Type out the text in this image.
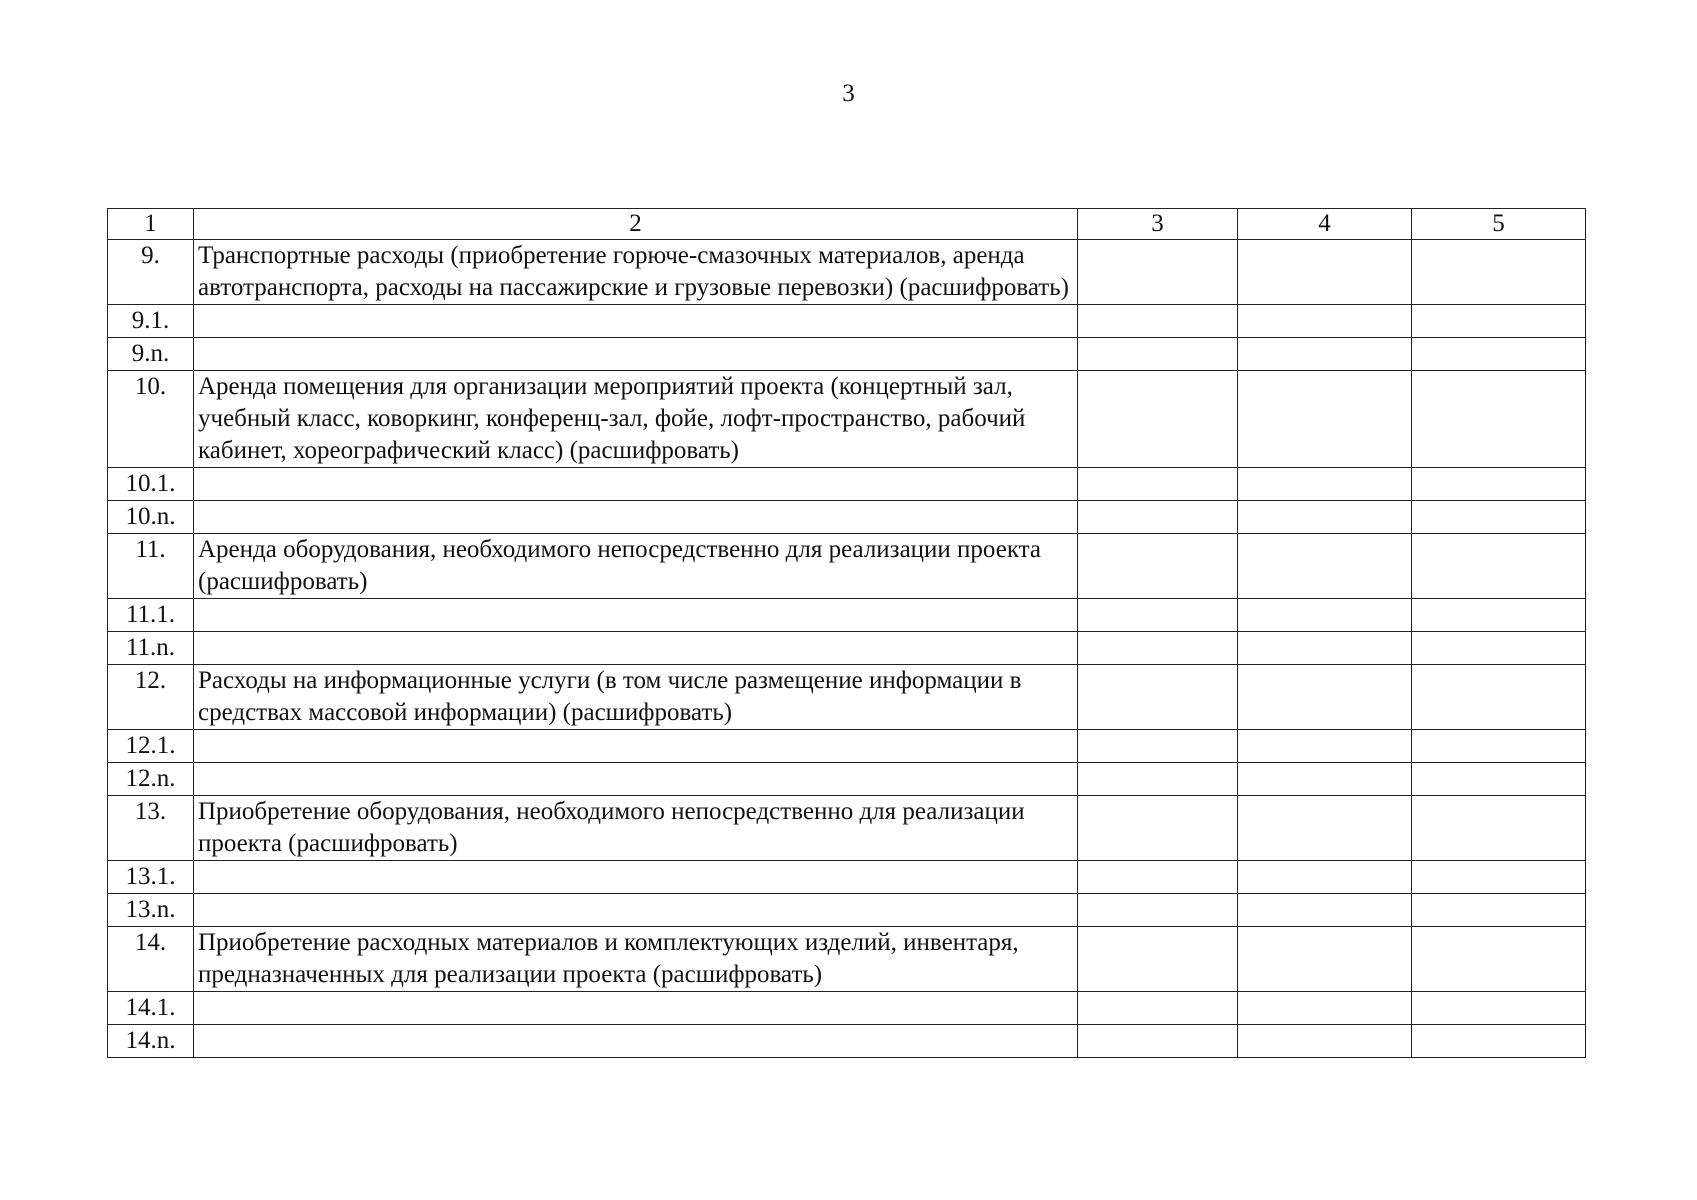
3
1	2	3	4	5
9.	Транспортные расходы (приобретение горюче-смазочных материалов, аренда автотранспорта, расходы на пассажирские и грузовые перевозки) (расшифровать)			
9.1.				
9.n.				
10.	Аренда помещения для организации мероприятий проекта (концертный зал, учебный класс, коворкинг, конференц-зал, фойе, лофт-пространство, рабочий кабинет, хореографический класс) (расшифровать)			
10.1.				
10.n.				
11.	Аренда оборудования, необходимого непосредственно для реализации проекта (расшифровать)			
11.1.				
11.n.				
12.	Расходы на информационные услуги (в том числе размещение информации в средствах массовой информации) (расшифровать)			
12.1.				
12.n.				
13.	Приобретение оборудования, необходимого непосредственно для реализации проекта (расшифровать)			
13.1.				
13.n.				
14.	Приобретение расходных материалов и комплектующих изделий, инвентаря, предназначенных для реализации проекта (расшифровать)			
14.1.				
14.n.				
